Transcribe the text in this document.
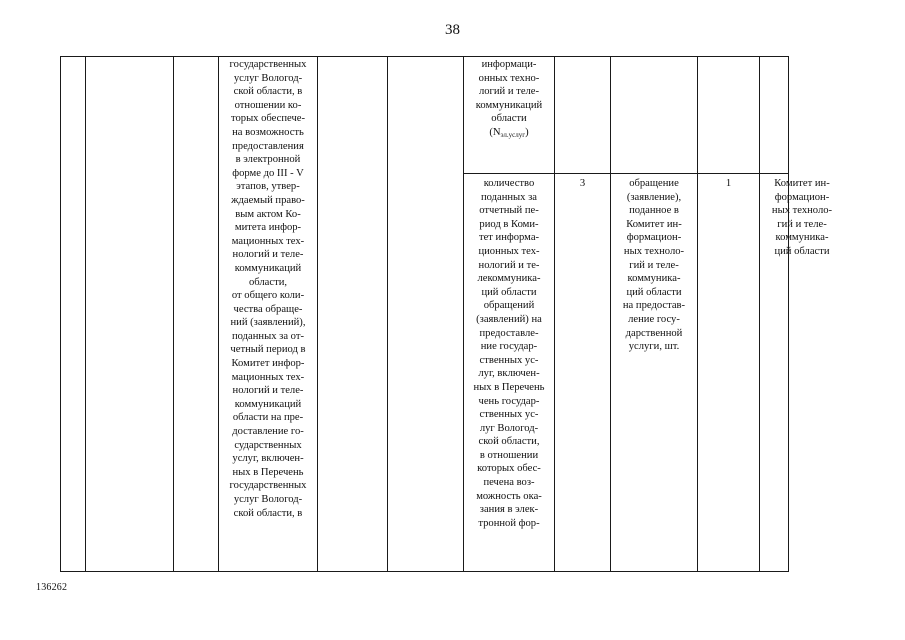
38
государственных
услуг Вологод-
ской области, в
отношении ко-
торых обеспече-
на возможность
предоставления
в электронной
форме до III - V
этапов, утвер-
ждаемый право-
вым актом Ко-
митета инфор-
мационных тех-
нологий и теле-
коммуникаций
области,
от общего коли-
чества обраще-
ний (заявлений),
поданных за от-
четный период в
Комитет инфор-
мационных тех-
нологий и теле-
коммуникаций
области на пре-
доставление го-
сударственных
услуг, включен-
ных в Перечень
государственных
услуг Вологод-
ской области, в
информаци-
онных техно-
логий и теле-
коммуникаций
области
$(N_{эл.услуг})$
количество
поданных за
отчетный пе-
риод в Коми-
тет информа-
ционных тех-
нологий и те-
лекоммуника-
ций области
обращений
(заявлений) на
предоставле-
ние государ-
ственных ус-
луг, включен-
ных в Перечень
чень государ-
ственных ус-
луг Вологод-
ской области,
в отношении
которых обес-
печена воз-
можность ока-
зания в элек-
тронной фор-
3	обращение
(заявление),
поданное в
Комитет ин-
формацион-
ных техноло-
гий и теле-
коммуника-
ций области
на предостав-
ление госу-
дарственной
услуги, шт.
1	Комитет ин-
формацион-
ных техноло-
гий и теле-
коммуника-
ций области
136262
